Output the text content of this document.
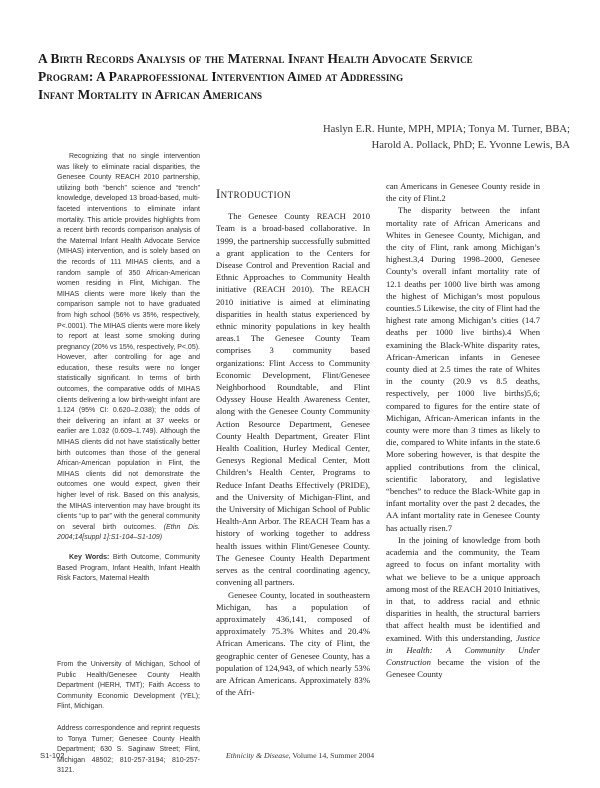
A Birth Records Analysis of the Maternal Infant Health Advocate Service
Program: A Paraprofessional Intervention Aimed at Addressing
Infant Mortality in African Americans
Haslyn E.R. Hunte, MPH, MPIA; Tonya M. Turner, BBA;
Harold A. Pollack, PhD; E. Yvonne Lewis, BA

Recognizing that no single intervention was likely to eliminate racial disparities, the Genesee County REACH 2010 partnership, utilizing both “bench” science and “trench” knowledge, developed 13 broad-based, multi-faceted interventions to eliminate infant mortality. This article provides highlights from a recent birth records comparison analysis of the Maternal Infant Health Advocate Service (MIHAS) intervention, and is solely based on the records of 111 MIHAS clients, and a random sample of 350 African-American women residing in Flint, Michigan. The MIHAS clients were more likely than the comparison sample not to have graduated from high school (56% vs 35%, respectively, P<.0001). The MIHAS clients were more likely to report at least some smoking during pregnancy (20% vs 15%, respectively, P<.05). However, after controlling for age and education, these results were no longer statistically significant. In terms of birth outcomes, the comparative odds of MIHAS clients delivering a low birth-weight infant are 1.124 (95% CI: 0.620–2.038); the odds of their delivering an infant at 37 weeks or earlier are 1.032 (0.609–1.749). Although the MIHAS clients did not have statistically better birth outcomes than those of the general African-American population in Flint, the MIHAS clients did not demonstrate the outcomes one would expect, given their higher level of risk. Based on this analysis, the MIHAS intervention may have brought its clients “up to par” with the general community on several birth outcomes. (Ethn Dis. 2004;14[suppl 1]:S1-104–S1-109)

Key Words: Birth Outcome, Community Based Program, Infant Health, Infant Health Risk Factors, Maternal Health

From the University of Michigan, School of Public Health/Genesee County Health Department (HERH, TMT); Faith Access to Community Economic Development (YEL); Flint, Michigan.

Address correspondence and reprint requests to Tonya Turner; Genesee County Health Department; 630 S. Saginaw Street; Flint, Michigan 48502; 810-257-3194; 810-257-3121.

Introduction

The Genesee County REACH 2010 Team is a broad-based collaborative. In 1999, the partnership successfully submitted a grant application to the Centers for Disease Control and Prevention Racial and Ethnic Approaches to Community Health initiative (REACH 2010). The REACH 2010 initiative is aimed at eliminating disparities in health status experienced by ethnic minority populations in key health areas.1 The Genesee County Team comprises 3 community based organizations: Flint Access to Community Economic Development, Flint/Genesee Neighborhood Roundtable, and Flint Odyssey House Health Awareness Center, along with the Genesee County Community Action Resource Department, Genesee County Health Department, Greater Flint Health Coalition, Hurley Medical Center, Genesys Regional Medical Center, Mott Children’s Health Center, Programs to Reduce Infant Deaths Effectively (PRIDE), and the University of Michigan-Flint, and the University of Michigan School of Public Health-Ann Arbor. The REACH Team has a history of working together to address health issues within Flint/Genesee County. The Genesee County Health Department serves as the central coordinating agency, convening all partners.

Genesee County, located in southeastern Michigan, has a population of approximately 436,141, composed of approximately 75.3% Whites and 20.4% African Americans. The city of Flint, the geographic center of Genesee County, has a population of 124,943, of which nearly 53% are African Americans. Approximately 83% of the Afri-

can Americans in Genesee County reside in the city of Flint.2

The disparity between the infant mortality rate of African Americans and Whites in Genesee County, Michigan, and the city of Flint, rank among Michigan’s highest.3,4 During 1998–2000, Genesee County’s overall infant mortality rate of 12.1 deaths per 1000 live birth was among the highest of Michigan’s most populous counties.5 Likewise, the city of Flint had the highest rate among Michigan’s cities (14.7 deaths per 1000 live births).4 When examining the Black-White disparity rates, African-American infants in Genesee county died at 2.5 times the rate of Whites in the county (20.9 vs 8.5 deaths, respectively, per 1000 live births)5,6; compared to figures for the entire state of Michigan, African-American infants in the county were more than 3 times as likely to die, compared to White infants in the state.6 More sobering however, is that despite the applied contributions from the clinical, scientific laboratory, and legislative “benches” to reduce the Black-White gap in infant mortality over the past 2 decades, the AA infant mortality rate in Genesee County has actually risen.7

In the joining of knowledge from both academia and the community, the Team agreed to focus on infant mortality with what we believe to be a unique approach among most of the REACH 2010 Initiatives, in that, to address racial and ethnic disparities in health, the structural barriers that affect health must be identified and examined. With this understanding, Justice in Health: A Community Under Construction became the vision of the Genesee County

S1-102	Ethnicity & Disease, Volume 14, Summer 2004
